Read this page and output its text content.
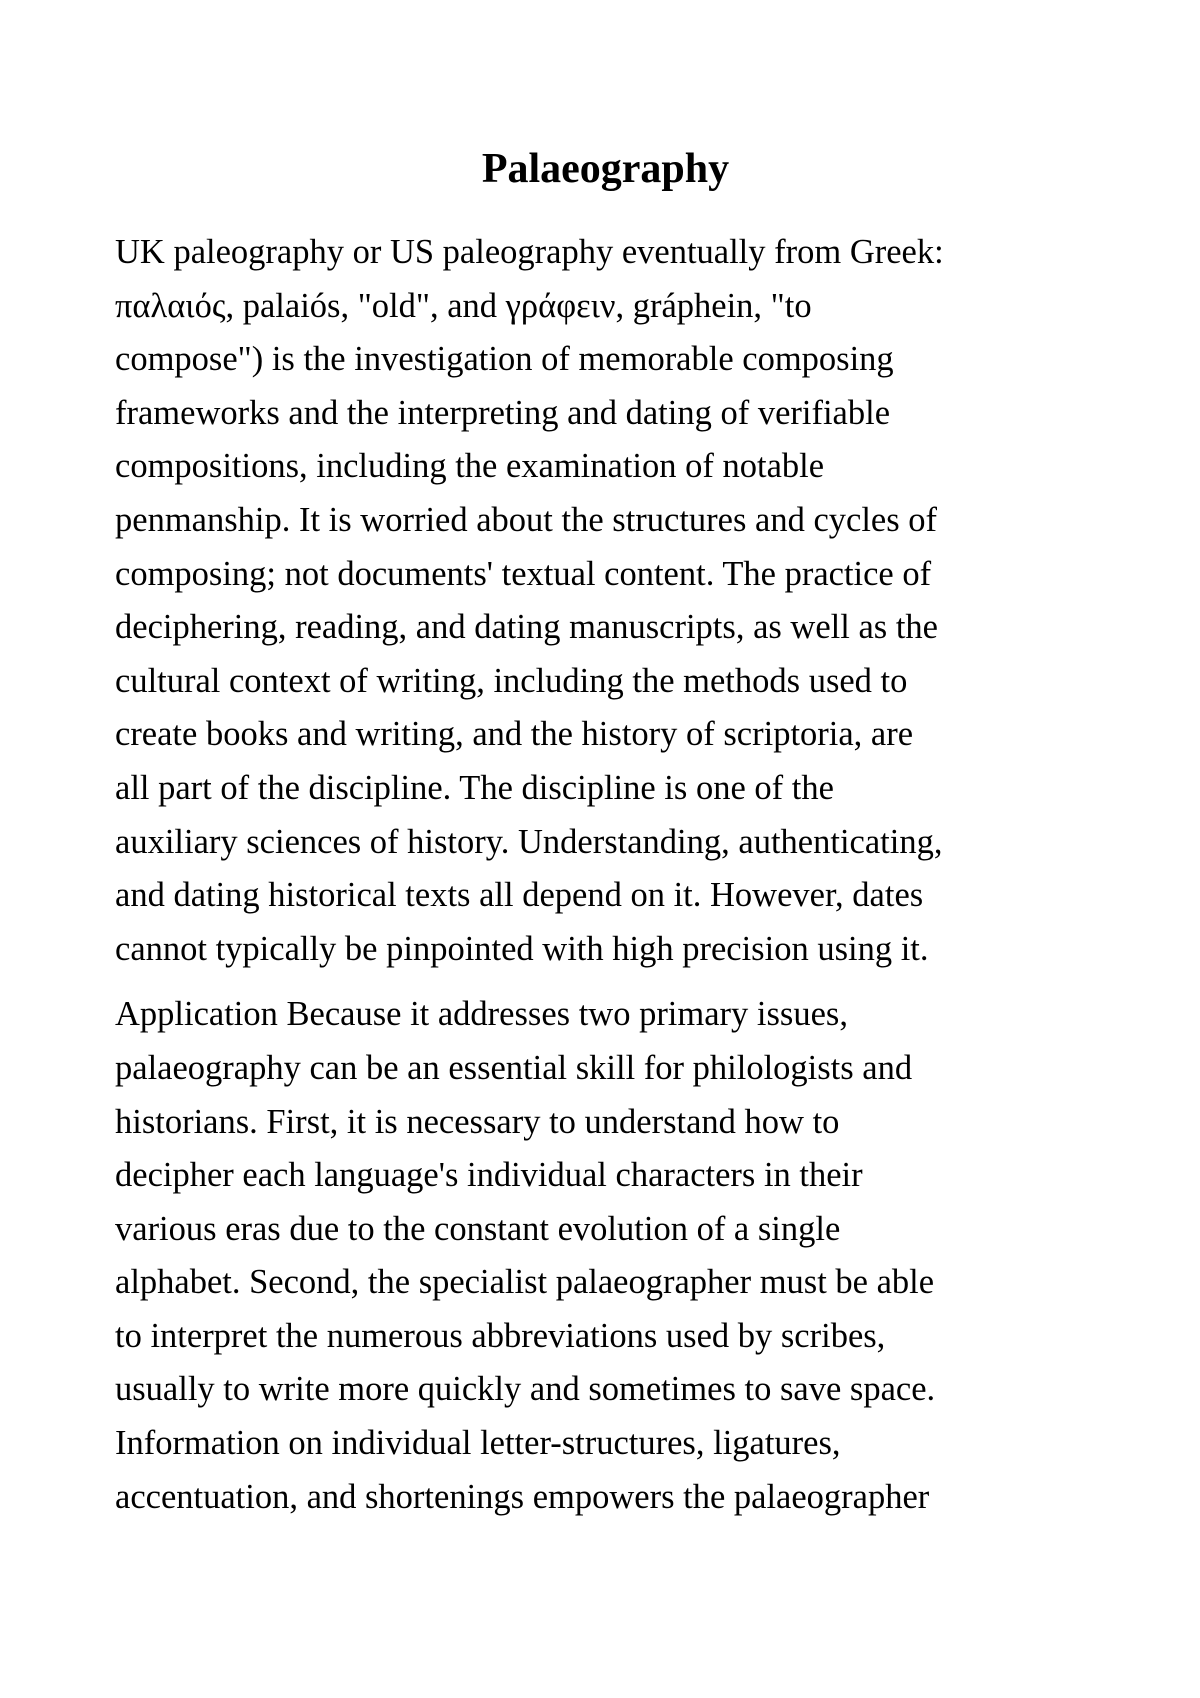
Palaeography

UK paleography or US paleography eventually from Greek:
παλαιός, palaiós, "old", and γράφειν, gráphein, "to
compose") is the investigation of memorable composing
frameworks and the interpreting and dating of verifiable
compositions, including the examination of notable
penmanship. It is worried about the structures and cycles of
composing; not documents' textual content. The practice of
deciphering, reading, and dating manuscripts, as well as the
cultural context of writing, including the methods used to
create books and writing, and the history of scriptoria, are
all part of the discipline. The discipline is one of the
auxiliary sciences of history. Understanding, authenticating,
and dating historical texts all depend on it. However, dates
cannot typically be pinpointed with high precision using it.

Application Because it addresses two primary issues,
palaeography can be an essential skill for philologists and
historians. First, it is necessary to understand how to
decipher each language's individual characters in their
various eras due to the constant evolution of a single
alphabet. Second, the specialist palaeographer must be able
to interpret the numerous abbreviations used by scribes,
usually to write more quickly and sometimes to save space.
Information on individual letter-structures, ligatures,
accentuation, and shortenings empowers the palaeographer
